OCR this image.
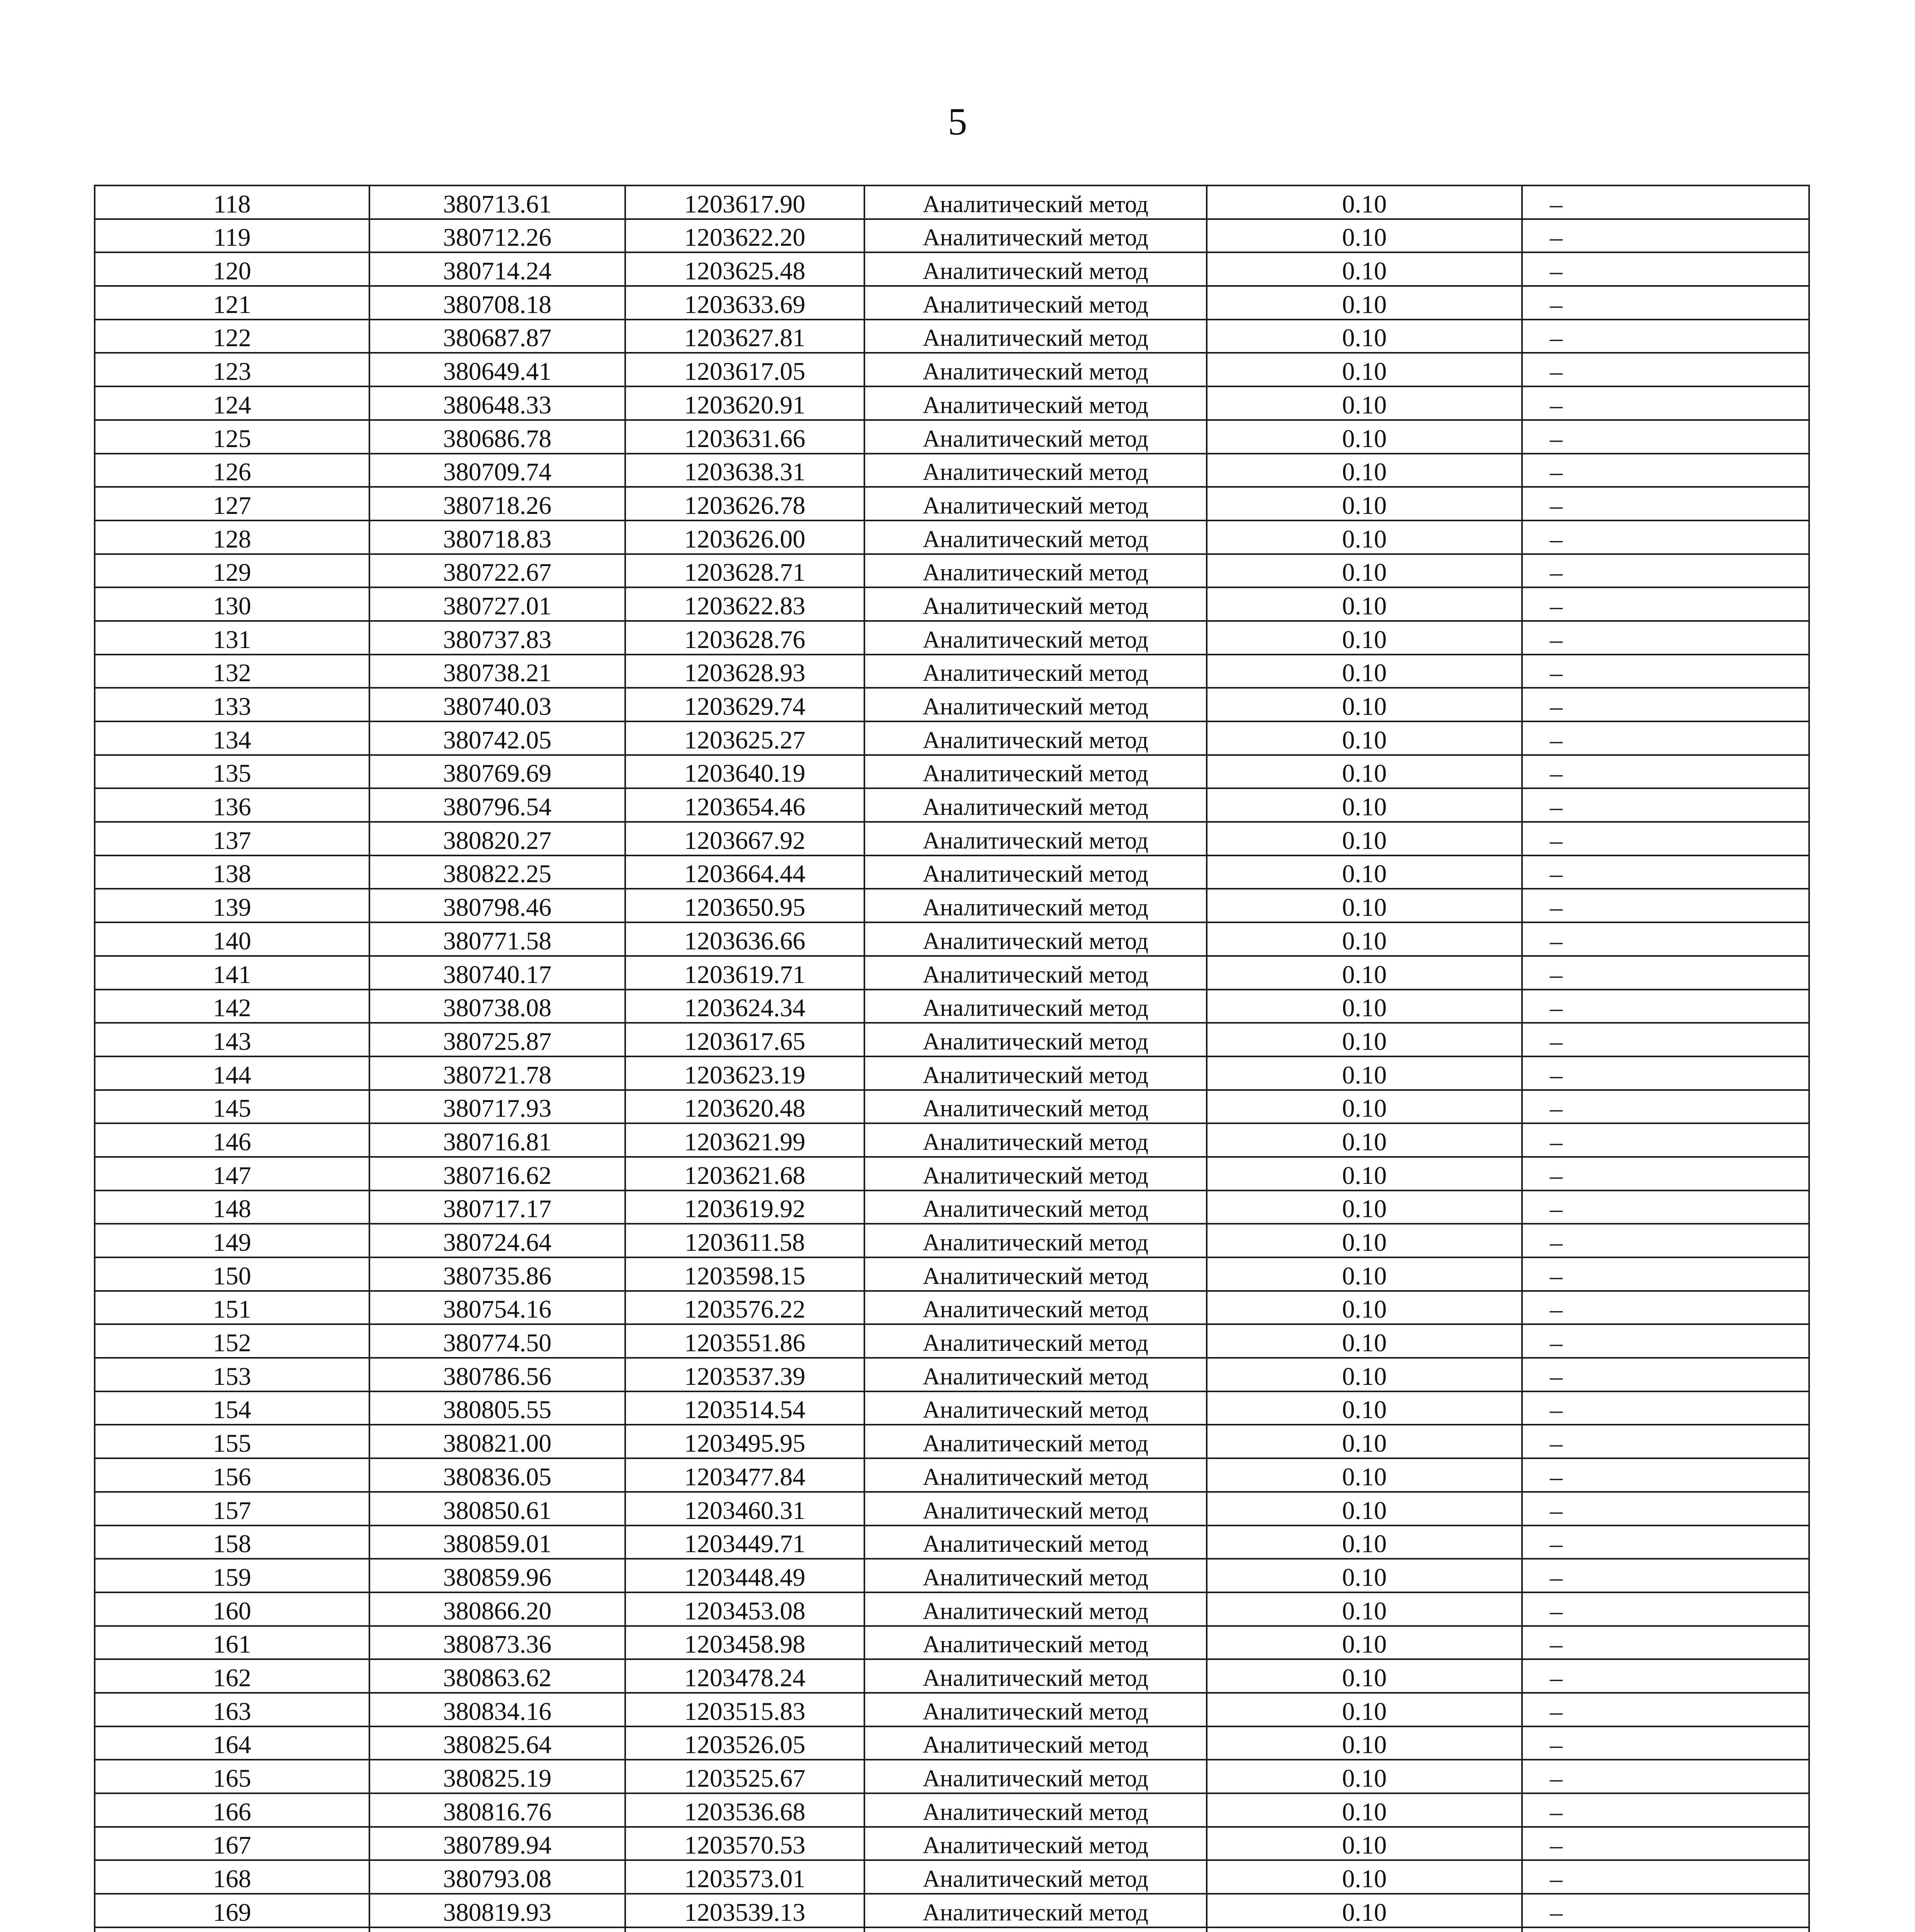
5
118	380713.61	1203617.90	Аналитический метод	0.10	–
119	380712.26	1203622.20	Аналитический метод	0.10	–
120	380714.24	1203625.48	Аналитический метод	0.10	–
121	380708.18	1203633.69	Аналитический метод	0.10	–
122	380687.87	1203627.81	Аналитический метод	0.10	–
123	380649.41	1203617.05	Аналитический метод	0.10	–
124	380648.33	1203620.91	Аналитический метод	0.10	–
125	380686.78	1203631.66	Аналитический метод	0.10	–
126	380709.74	1203638.31	Аналитический метод	0.10	–
127	380718.26	1203626.78	Аналитический метод	0.10	–
128	380718.83	1203626.00	Аналитический метод	0.10	–
129	380722.67	1203628.71	Аналитический метод	0.10	–
130	380727.01	1203622.83	Аналитический метод	0.10	–
131	380737.83	1203628.76	Аналитический метод	0.10	–
132	380738.21	1203628.93	Аналитический метод	0.10	–
133	380740.03	1203629.74	Аналитический метод	0.10	–
134	380742.05	1203625.27	Аналитический метод	0.10	–
135	380769.69	1203640.19	Аналитический метод	0.10	–
136	380796.54	1203654.46	Аналитический метод	0.10	–
137	380820.27	1203667.92	Аналитический метод	0.10	–
138	380822.25	1203664.44	Аналитический метод	0.10	–
139	380798.46	1203650.95	Аналитический метод	0.10	–
140	380771.58	1203636.66	Аналитический метод	0.10	–
141	380740.17	1203619.71	Аналитический метод	0.10	–
142	380738.08	1203624.34	Аналитический метод	0.10	–
143	380725.87	1203617.65	Аналитический метод	0.10	–
144	380721.78	1203623.19	Аналитический метод	0.10	–
145	380717.93	1203620.48	Аналитический метод	0.10	–
146	380716.81	1203621.99	Аналитический метод	0.10	–
147	380716.62	1203621.68	Аналитический метод	0.10	–
148	380717.17	1203619.92	Аналитический метод	0.10	–
149	380724.64	1203611.58	Аналитический метод	0.10	–
150	380735.86	1203598.15	Аналитический метод	0.10	–
151	380754.16	1203576.22	Аналитический метод	0.10	–
152	380774.50	1203551.86	Аналитический метод	0.10	–
153	380786.56	1203537.39	Аналитический метод	0.10	–
154	380805.55	1203514.54	Аналитический метод	0.10	–
155	380821.00	1203495.95	Аналитический метод	0.10	–
156	380836.05	1203477.84	Аналитический метод	0.10	–
157	380850.61	1203460.31	Аналитический метод	0.10	–
158	380859.01	1203449.71	Аналитический метод	0.10	–
159	380859.96	1203448.49	Аналитический метод	0.10	–
160	380866.20	1203453.08	Аналитический метод	0.10	–
161	380873.36	1203458.98	Аналитический метод	0.10	–
162	380863.62	1203478.24	Аналитический метод	0.10	–
163	380834.16	1203515.83	Аналитический метод	0.10	–
164	380825.64	1203526.05	Аналитический метод	0.10	–
165	380825.19	1203525.67	Аналитический метод	0.10	–
166	380816.76	1203536.68	Аналитический метод	0.10	–
167	380789.94	1203570.53	Аналитический метод	0.10	–
168	380793.08	1203573.01	Аналитический метод	0.10	–
169	380819.93	1203539.13	Аналитический метод	0.10	–
